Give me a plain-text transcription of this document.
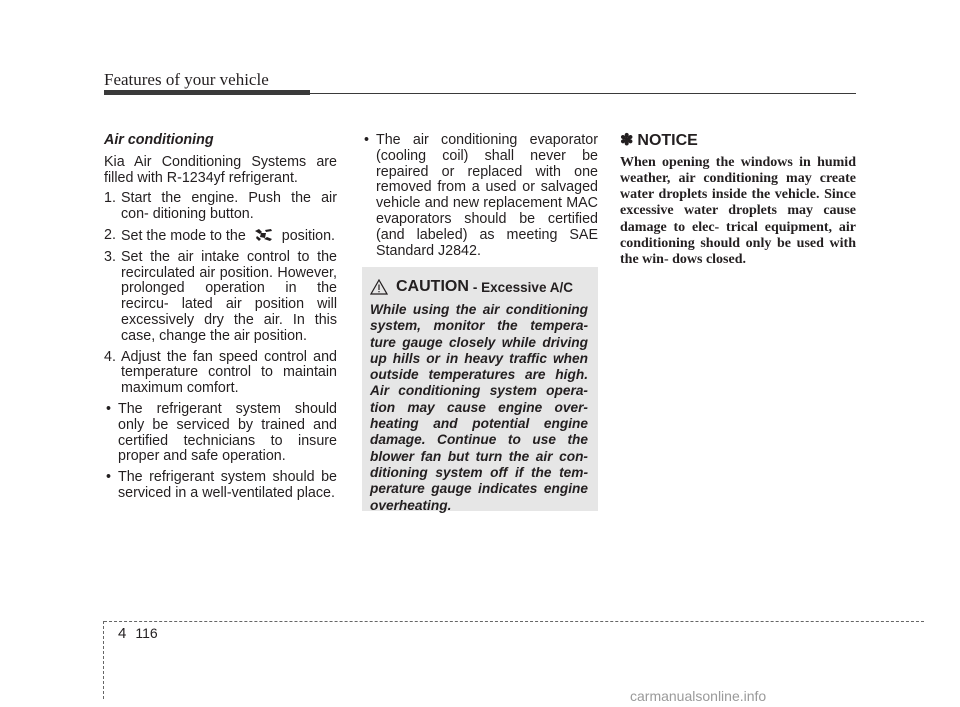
Features of your vehicle
Air conditioning

Kia Air Conditioning Systems are filled with R-1234yf refrigerant.

1. Start the engine. Push the air con- ditioning button.
2. Set the mode to the	position.
3. Set the air intake control to the recirculated air position. However, prolonged operation in the recircu- lated air position will excessively dry the air. In this case, change the air position.
4. Adjust the fan speed control and temperature control to maintain maximum comfort.
• The refrigerant system should only be serviced by trained and certified technicians to insure proper and safe operation.
• The refrigerant system should be serviced in a well-ventilated place.
• The air conditioning evaporator (cooling coil) shall never be repaired or replaced with one removed from a used or salvaged vehicle and new replacement MAC evaporators should be certified (and labeled) as meeting SAE Standard J2842.
CAUTION - Excessive A/C
While using the air conditioning system, monitor the tempera- ture gauge closely while driving up hills or in heavy traffic when outside temperatures are high. Air conditioning system opera- tion may cause engine over- heating and potential engine damage. Continue to use the blower fan but turn the air con- ditioning system off if the tem- perature gauge indicates engine overheating.
✽ NOTICE
When opening the windows in humid weather, air conditioning may create water droplets inside the vehicle. Since excessive water droplets may cause damage to elec- trical equipment, air conditioning should only be used with the win- dows closed.
4 116
carmanualsonline.info
